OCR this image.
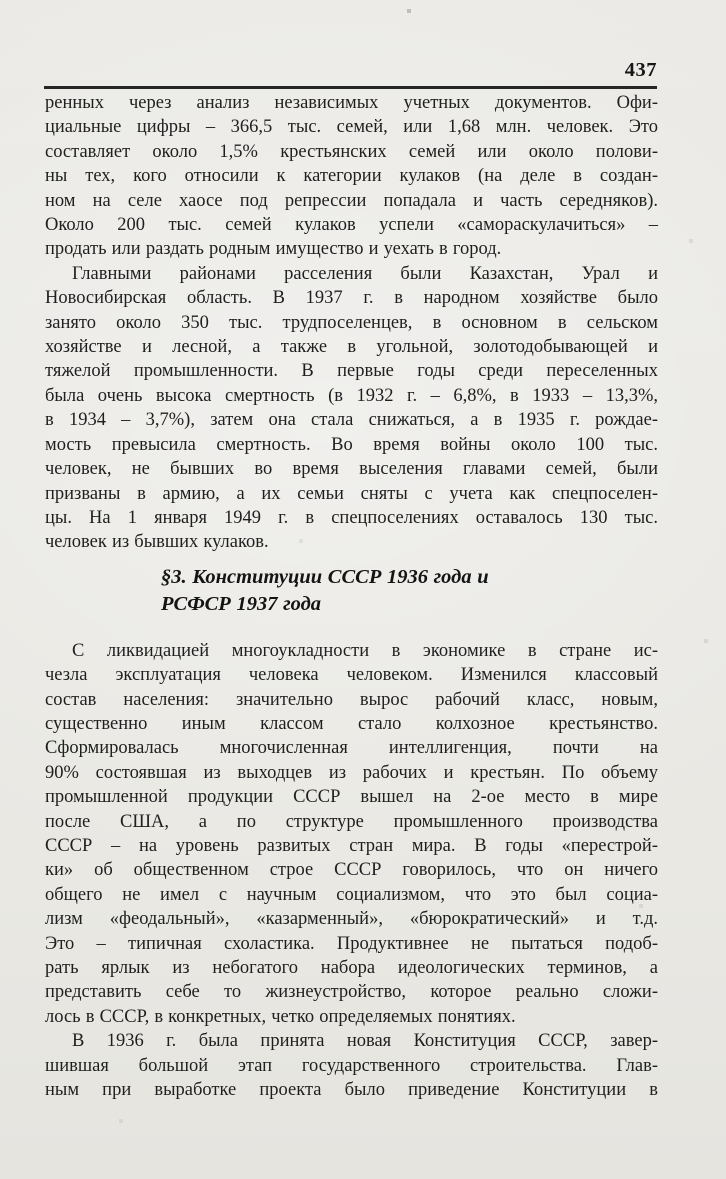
437
ренных через анализ независимых учетных документов. Офи-
циальные цифры – 366,5 тыс. семей, или 1,68 млн. человек. Это
составляет около 1,5% крестьянских семей или около полови-
ны тех, кого относили к категории кулаков (на деле в создан-
ном на селе хаосе под репрессии попадала и часть середняков).
Около 200 тыс. семей кулаков успели «самораскулачиться» –
продать или раздать родным имущество и уехать в город.
Главными районами расселения были Казахстан, Урал и
Новосибирская область. В 1937 г. в народном хозяйстве было
занято около 350 тыс. трудпоселенцев, в основном в сельском
хозяйстве и лесной, а также в угольной, золотодобывающей и
тяжелой промышленности. В первые годы среди переселенных
была очень высока смертность (в 1932 г. – 6,8%, в 1933 – 13,3%,
в 1934 – 3,7%), затем она стала снижаться, а в 1935 г. рождае-
мость превысила смертность. Во время войны около 100 тыс.
человек, не бывших во время выселения главами семей, были
призваны в армию, а их семьи сняты с учета как спецпоселен-
цы. На 1 января 1949 г. в спецпоселениях оставалось 130 тыс.
человек из бывших кулаков.
§3. Конституции СССР 1936 года и
РСФСР 1937 года
С ликвидацией многоукладности в экономике в стране ис-
чезла эксплуатация человека человеком. Изменился классовый
состав населения: значительно вырос рабочий класс, новым,
существенно иным классом стало колхозное крестьянство.
Сформировалась многочисленная интеллигенция, почти на
90% состоявшая из выходцев из рабочих и крестьян. По объему
промышленной продукции СССР вышел на 2-ое место в мире
после США, а по структуре промышленного производства
СССР – на уровень развитых стран мира. В годы «перестрой-
ки» об общественном строе СССР говорилось, что он ничего
общего не имел с научным социализмом, что это был социа-
лизм «феодальный», «казарменный», «бюрократический» и т.д.
Это – типичная схоластика. Продуктивнее не пытаться подоб-
рать ярлык из небогатого набора идеологических терминов, а
представить себе то жизнеустройство, которое реально сложи-
лось в СССР, в конкретных, четко определяемых понятиях.
В 1936 г. была принята новая Конституция СССР, завер-
шившая большой этап государственного строительства. Глав-
ным при выработке проекта было приведение Конституции в
